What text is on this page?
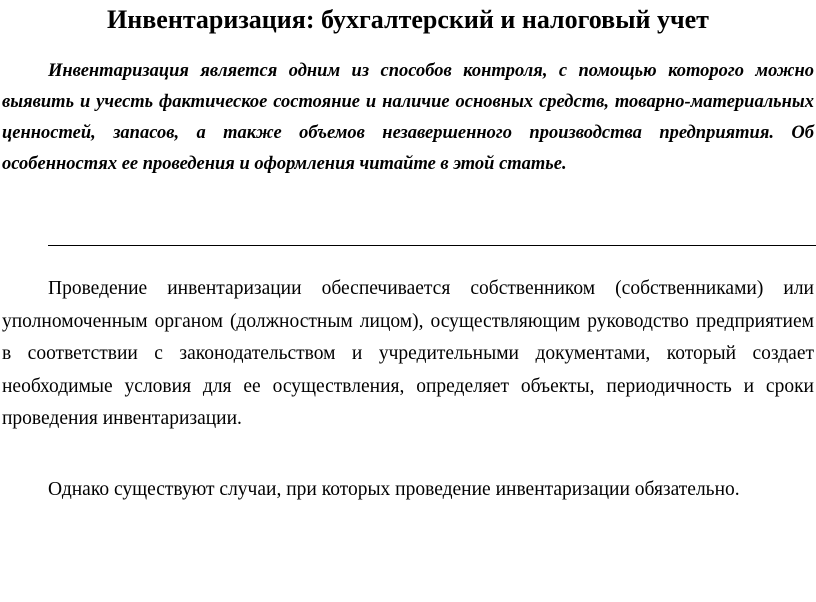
Инвентаризация: бухгалтерский и налоговый учет

Инвентаризация является одним из способов контроля, с помощью которого можно выявить и учесть фактическое состояние и наличие основных средств, товарно-материальных ценностей, запасов, а также объемов незавершенного производства предприятия. Об особенностях ее проведения и оформления читайте в этой статье.

Проведение инвентаризации обеспечивается собственником (собственниками) или уполномоченным органом (должностным лицом), осуществляющим руководство предприятием в соответствии с законодательством и учредительными документами, который создает необходимые условия для ее осуществления, определяет объекты, периодичность и сроки проведения инвентаризации.

Однако существуют случаи, при которых проведение инвентаризации обязательно.
